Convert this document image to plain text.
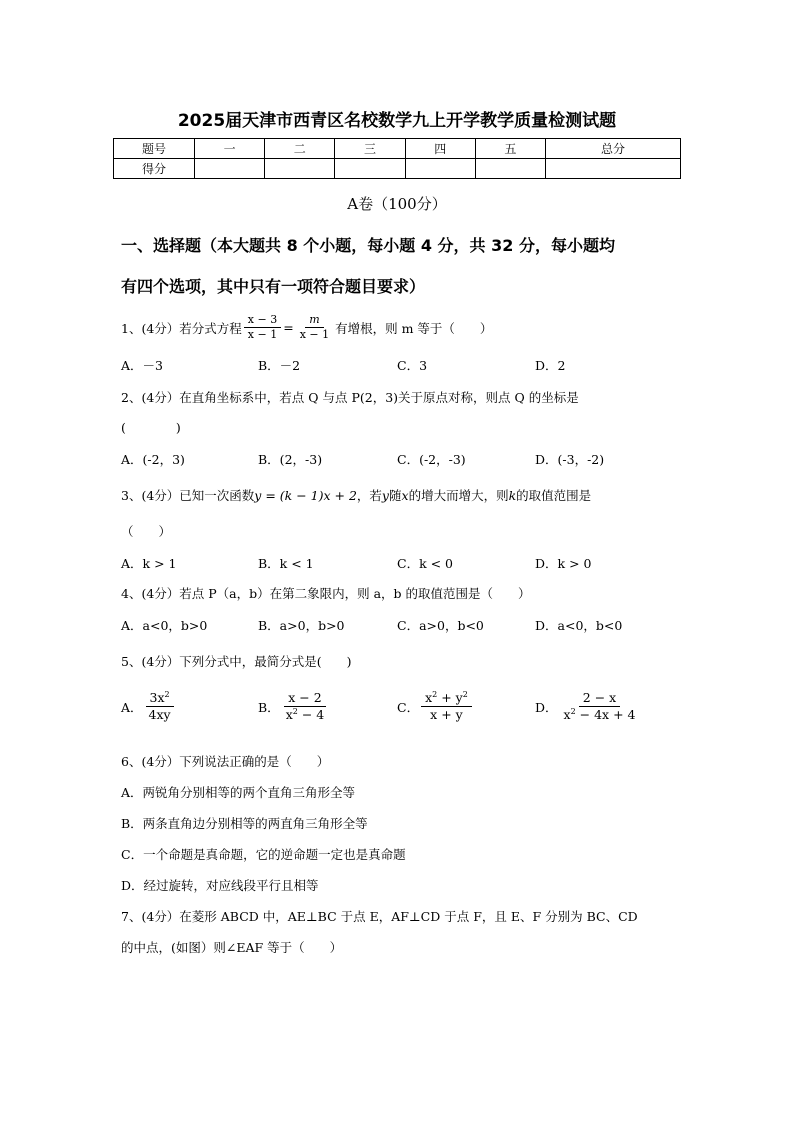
2025届天津市西青区名校数学九上开学教学质量检测试题
题号	一	二	三	四	五	总分
得分						
A卷（100分）
一、选择题（本大题共 8 个小题，每小题 4 分，共 32 分，每小题均
有四个选项，其中只有一项符合题目要求）
1、(4分）若分式方程 $\frac{x - 3}{x - 1} = \frac{m}{x - 1}$ 有增根，则 m 等于（　　）
A．－3	B．－2	C．3	D．2
2、(4分）在直角坐标系中，若点 Q 与点 P(2，3)关于原点对称，则点 Q 的坐标是
(　　　　)
A．(-2，3)	B．(2，-3)	C．(-2，-3)	D．(-3，-2)
3、(4分）已知一次函数y = (k − 1)x + 2，若y随x的增大而增大，则k的取值范围是
（　　）
A．k > 1	B．k < 1	C．k < 0	D．k > 0
4、(4分）若点 P（a，b）在第二象限内，则 a，b 的取值范围是（　　）
A．a<0，b>0	B．a>0，b>0	C．a>0，b<0	D．a<0，b<0
5、(4分）下列分式中，最简分式是(　　)
A． $\frac{3x^2}{4xy}$	B． $\frac{x - 2}{x^2 - 4}$	C． $\frac{x^2 + y^2}{x + y}$	D． $\frac{2 - x}{x^2 - 4x + 4}$
6、(4分）下列说法正确的是（　　）
A．两锐角分别相等的两个直角三角形全等
B．两条直角边分别相等的两直角三角形全等
C．一个命题是真命题，它的逆命题一定也是真命题
D．经过旋转，对应线段平行且相等
7、(4分）在菱形 ABCD 中，AE⊥BC 于点 E，AF⊥CD 于点 F，且 E、F 分别为 BC、CD
的中点，(如图）则∠EAF 等于（　　）
